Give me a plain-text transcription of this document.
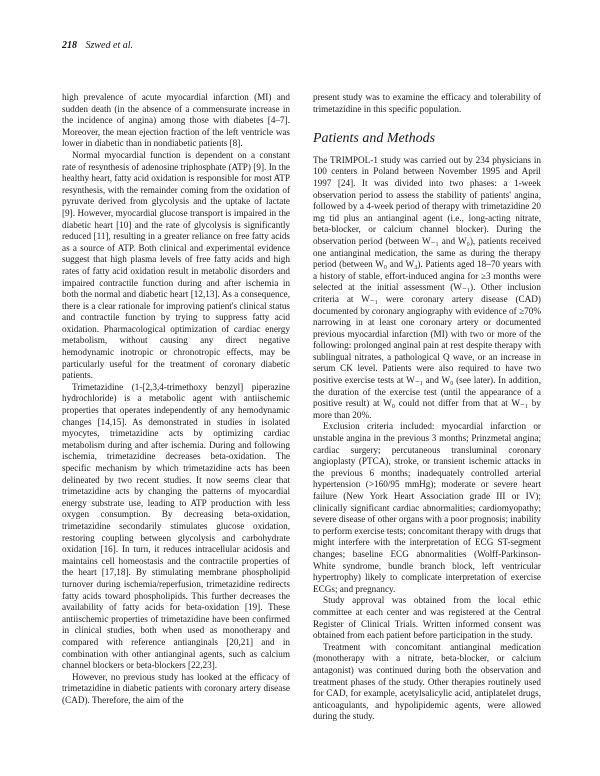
218 Szwed et al.

high prevalence of acute myocardial infarction (MI) and sudden death (in the absence of a commensurate increase in the incidence of angina) among those with diabetes [4–7]. Moreover, the mean ejection fraction of the left ventricle was lower in diabetic than in nondiabetic patients [8].

Normal myocardial function is dependent on a constant rate of resynthesis of adenosine triphosphate (ATP) [9]. In the healthy heart, fatty acid oxidation is responsible for most ATP resynthesis, with the remainder coming from the oxidation of pyruvate derived from glycolysis and the uptake of lactate [9]. However, myocardial glucose transport is impaired in the diabetic heart [10] and the rate of glycolysis is significantly reduced [11], resulting in a greater reliance on free fatty acids as a source of ATP. Both clinical and experimental evidence suggest that high plasma levels of free fatty acids and high rates of fatty acid oxidation result in metabolic disorders and impaired contractile function during and after ischemia in both the normal and diabetic heart [12,13]. As a consequence, there is a clear rationale for improving patient's clinical status and contractile function by trying to suppress fatty acid oxidation. Pharmacological optimization of cardiac energy metabolism, without causing any direct negative hemodynamic inotropic or chronotropic effects, may be particularly useful for the treatment of coronary diabetic patients.

Trimetazidine (1-[2,3,4-trimethoxy benzyl] piperazine hydrochloride) is a metabolic agent with antiischemic properties that operates independently of any hemodynamic changes [14,15]. As demonstrated in studies in isolated myocytes, trimetazidine acts by optimizing cardiac metabolism during and after ischemia. During and following ischemia, trimetazidine decreases beta-oxidation. The specific mechanism by which trimetazidine acts has been delineated by two recent studies. It now seems clear that trimetazidine acts by changing the patterns of myocardial energy substrate use, leading to ATP production with less oxygen consumption. By decreasing beta-oxidation, trimetazidine secondarily stimulates glucose oxidation, restoring coupling between glycolysis and carbohydrate oxidation [16]. In turn, it reduces intracellular acidosis and maintains cell homeostasis and the contractile properties of the heart [17,18]. By stimulating membrane phospholipid turnover during ischemia/reperfusion, trimetazidine redirects fatty acids toward phospholipids. This further decreases the availability of fatty acids for beta-oxidation [19]. These antiischemic properties of trimetazidine have been confirmed in clinical studies, both when used as monotherapy and compared with reference antianginals [20,21] and in combination with other antianginal agents, such as calcium channel blockers or beta-blockers [22,23].

However, no previous study has looked at the efficacy of trimetazidine in diabetic patients with coronary artery disease (CAD). Therefore, the aim of the

present study was to examine the efficacy and tolerability of trimetazidine in this specific population.

Patients and Methods

The TRIMPOL-1 study was carried out by 234 physicians in 100 centers in Poland between November 1995 and April 1997 [24]. It was divided into two phases: a 1-week observation period to assess the stability of patients' angina, followed by a 4-week period of therapy with trimetazidine 20 mg tid plus an antianginal agent (i.e., long-acting nitrate, beta-blocker, or calcium channel blocker). During the observation period (between W₋₁ and W₀), patients received one antianginal medication, the same as during the therapy period (between W₀ and W₄). Patients aged 18–70 years with a history of stable, effort-induced angina for ≥3 months were selected at the initial assessment (W₋₁). Other inclusion criteria at W₋₁ were coronary artery disease (CAD) documented by coronary angiography with evidence of ≥70% narrowing in at least one coronary artery or documented previous myocardial infarction (MI) with two or more of the following: prolonged anginal pain at rest despite therapy with sublingual nitrates, a pathological Q wave, or an increase in serum CK level. Patients were also required to have two positive exercise tests at W₋₁ and W₀ (see later). In addition, the duration of the exercise test (until the appearance of a positive result) at W₀ could not differ from that at W₋₁ by more than 20%.

Exclusion criteria included: myocardial infarction or unstable angina in the previous 3 months; Prinzmetal angina; cardiac surgery; percutaneous transluminal coronary angioplasty (PTCA), stroke, or transient ischemic attacks in the previous 6 months; inadequately controlled arterial hypertension (>160/95 mmHg); moderate or severe heart failure (New York Heart Association grade III or IV); clinically significant cardiac abnormalities; cardiomyopathy; severe disease of other organs with a poor prognosis; inability to perform exercise tests; concomitant therapy with drugs that might interfere with the interpretation of ECG ST-segment changes; baseline ECG abnormalities (Wolff-Parkinson-White syndrome, bundle branch block, left ventricular hypertrophy) likely to complicate interpretation of exercise ECGs; and pregnancy.

Study approval was obtained from the local ethic committee at each center and was registered at the Central Register of Clinical Trials. Written informed consent was obtained from each patient before participation in the study.

Treatment with concomitant antianginal medication (monotherapy with a nitrate, beta-blocker, or calcium antagonist) was continued during both the observation and treatment phases of the study. Other therapies routinely used for CAD, for example, acetylsalicylic acid, antiplatelet drugs, anticoagulants, and hypolipidemic agents, were allowed during the study.
